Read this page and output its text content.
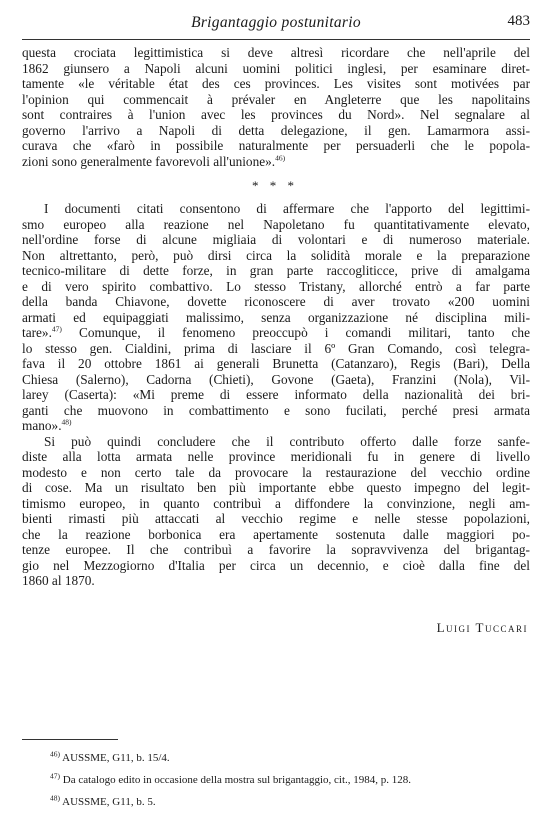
Brigantaggio postunitario	483
questa crociata legittimistica si deve altresì ricordare che nell'aprile del
1862 giunsero a Napoli alcuni uomini politici inglesi, per esaminare diret-
tamente «le véritable état des ces provinces. Les visites sont motivées par
l'opinion qui commencait à prévaler en Angleterre que les napolitains
sont contraires à l'union avec les provinces du Nord». Nel segnalare al
governo l'arrivo a Napoli di detta delegazione, il gen. Lamarmora assi-
curava che «farò in possibile naturalmente per persuaderli che le popola-
zioni sono generalmente favorevoli all'unione».$^{46)}$
* * *
I documenti citati consentono di affermare che l'apporto del legittimi-
smo europeo alla reazione nel Napoletano fu quantitativamente elevato,
nell'ordine forse di alcune migliaia di volontari e di numeroso materiale.
Non altrettanto, però, può dirsi circa la solidità morale e la preparazione
tecnico-militare di dette forze, in gran parte raccogliticce, prive di amalgama
e di vero spirito combattivo. Lo stesso Tristany, allorché entrò a far parte
della banda Chiavone, dovette riconoscere di aver trovato «200 uomini
armati ed equipaggiati malissimo, senza organizzazione né disciplina mili-
tare».$^{47)}$ Comunque, il fenomeno preoccupò i comandi militari, tanto che
lo stesso gen. Cialdini, prima di lasciare il 6º Gran Comando, così telegra-
fava il 20 ottobre 1861 ai generali Brunetta (Catanzaro), Regis (Bari), Della
Chiesa (Salerno), Cadorna (Chieti), Govone (Gaeta), Franzini (Nola), Vil-
larey (Caserta): «Mi preme di essere informato della nazionalità dei bri-
ganti che muovono in combattimento e sono fucilati, perché presi armata
mano».$^{48)}$
Si può quindi concludere che il contributo offerto dalle forze sanfe-
diste alla lotta armata nelle province meridionali fu in genere di livello
modesto e non certo tale da provocare la restaurazione del vecchio ordine
di cose. Ma un risultato ben più importante ebbe questo impegno del legit-
timismo europeo, in quanto contribuì a diffondere la convinzione, negli am-
bienti rimasti più attaccati al vecchio regime e nelle stesse popolazioni,
che la reazione borbonica era apertamente sostenuta dalle maggiori po-
tenze europee. Il che contribuì a favorire la sopravvivenza del brigantag-
gio nel Mezzogiorno d'Italia per circa un decennio, e cioè dalla fine del
1860 al 1870.
Luigi Tuccari
$^{46)}$ AUSSME, G11, b. 15/4.
$^{47)}$ Da catalogo edito in occasione della mostra sul brigantaggio, cit., 1984, p. 128.
$^{48)}$ AUSSME, G11, b. 5.
